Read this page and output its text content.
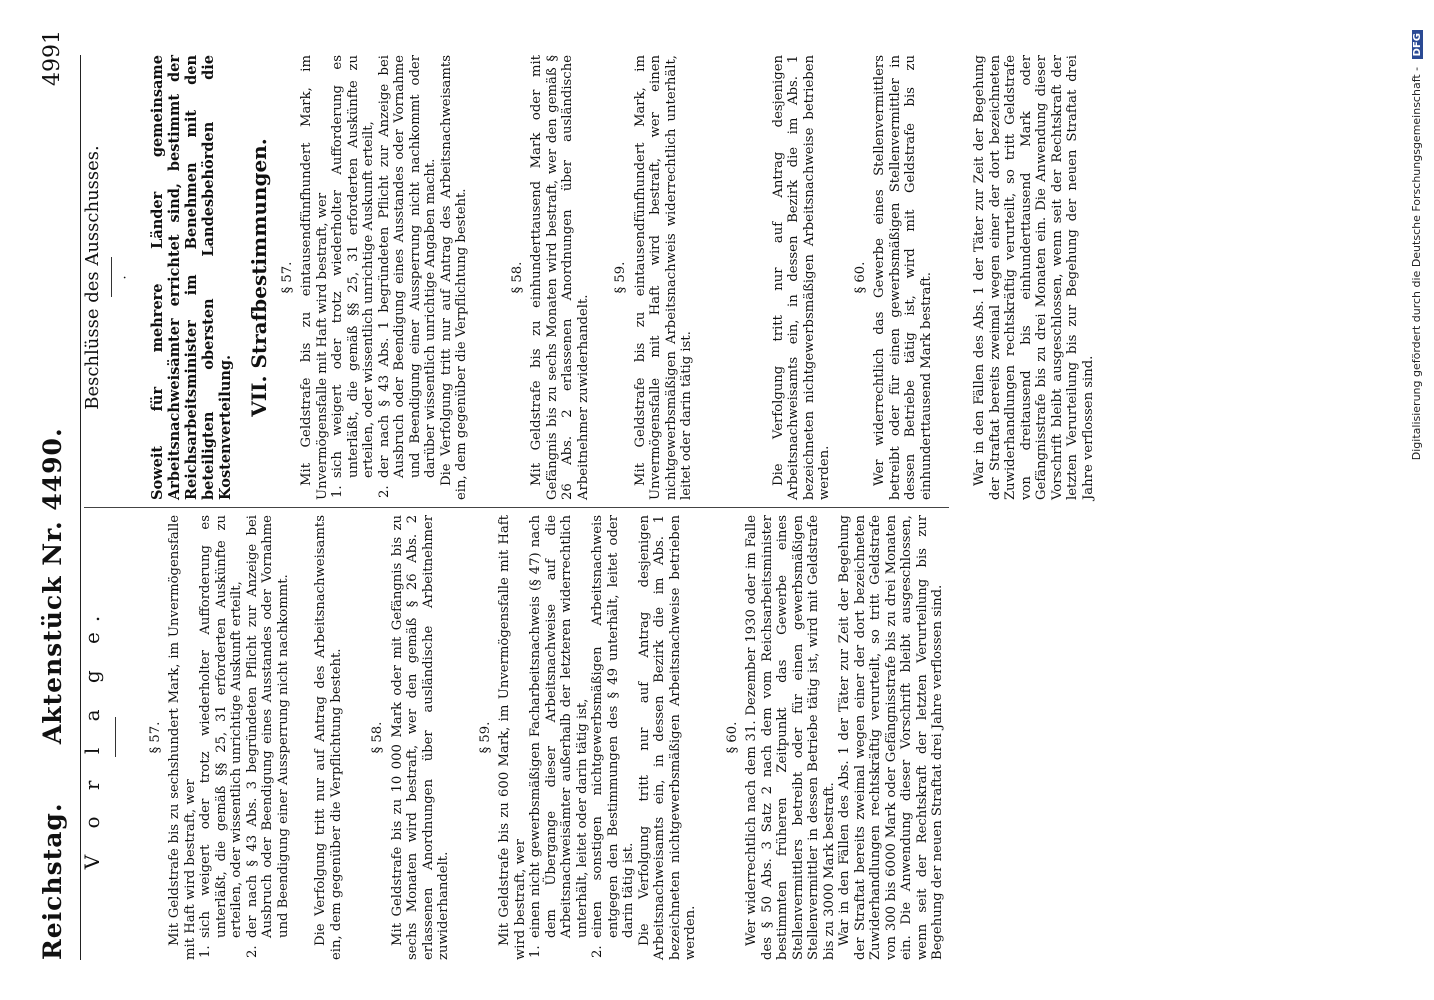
Reichstag.      Aktenstück Nr. 4490.
4991
V o r l a g e.	§ 57. Mit Geldstrafe bis zu sechshundert Mark, im Unvermögensfalle mit Haft wird bestraft, wer 1.
sich weigert oder trotz wiederholter Aufforderung es unterläßt, die gemäß §§ 25, 31 erforderten Auskünfte zu erteilen, oder wissentlich unrichtige Auskunft erteilt,
2.
der nach § 43 Abs. 3 begründeten Pflicht zur Anzeige bei Ausbruch oder Beendigung eines Ausstandes oder Vornahme und Beendigung einer Aussperrung nicht nachkommt. Die Verfolgung tritt nur auf Antrag des Arbeitsnachweisamts ein, dem gegenüber die Verpflichtung besteht. § 58. Mit Geldstrafe bis zu 10 000 Mark oder mit Gefängnis bis zu sechs Monaten wird bestraft, wer den gemäß § 26 Abs. 2 erlassenen Anordnungen über ausländische Arbeitnehmer zuwiderhandelt.

§ 59. Mit Geldstrafe bis zu 600 Mark, im Unvermögensfalle mit Haft wird bestraft, wer 1.
einen nicht gewerbsmäßigen Facharbeitsnachweis (§ 47) nach dem Übergange dieser Arbeitsnachweise auf die Arbeitsnachweisämter außerhalb der letzteren widerrechtlich unterhält, leitet oder darin tätig ist,
2.
einen sonstigen nichtgewerbsmäßigen Arbeitsnachweis entgegen den Bestimmungen des § 49 unterhält, leitet oder darin tätig ist. Die Verfolgung tritt nur auf Antrag desjenigen Arbeitsnachweisamts ein, in dessen Bezirk die im Abs. 1 bezeichneten nichtgewerbsmäßigen Arbeitsnachweise betrieben werden.

§ 60. Wer widerrechtlich nach dem 31. Dezember 1930 oder im Falle des § 50 Abs. 3 Satz 2 nach dem vom Reichsarbeitsminister bestimmten früheren Zeitpunkt das Gewerbe eines Stellenvermittlers betreibt oder für einen gewerbsmäßigen Stellenvermittler in dessen Betriebe tätig ist, wird mit Geldstrafe bis zu 3000 Mark bestraft. War in den Fällen des Abs. 1 der Täter zur Zeit der Begehung der Straftat bereits zweimal wegen einer der dort bezeichneten Zuwiderhandlungen rechtskräftig verurteilt, so tritt Geldstrafe von 300 bis 6000 Mark oder Gefängnisstrafe bis zu drei Monaten ein. Die Anwendung dieser Vorschrift bleibt ausgeschlossen, wenn seit der Rechtskraft der letzten Verurteilung bis zur Begehung der neuen Straftat drei Jahre verflossen sind.

Beschlüsse des Ausschusses. · Soweit für mehrere Länder gemeinsame Arbeitsnachweisämter errichtet sind, bestimmt der Reichsarbeitsminister im Benehmen mit den beteiligten obersten Landesbehörden die Kostenverteilung.

VII. Strafbestimmungen. § 57. Mit Geldstrafe bis zu eintausendfünfhundert Mark, im Unvermögensfalle mit Haft wird bestraft, wer 1.
sich weigert oder trotz wiederholter Aufforderung es unterläßt, die gemäß §§ 25, 31 erforderten Auskünfte zu erteilen, oder wissentlich unrichtige Auskunft erteilt,
2.
der nach § 43 Abs. 1 begründeten Pflicht zur Anzeige bei Ausbruch oder Beendigung eines Ausstandes oder Vornahme und Beendigung einer Aussperrung nicht nachkommt oder darüber wissentlich unrichtige Angaben macht. Die Verfolgung tritt nur auf Antrag des Arbeitsnachweisamts ein, dem gegenüber die Verpflichtung besteht.	§ 58. Mit Geldstrafe bis zu einhunderttausend Mark oder mit Gefängnis bis zu sechs Monaten wird bestraft, wer den gemäß § 26 Abs. 2 erlassenen Anordnungen über ausländische Arbeitnehmer zuwiderhandelt.

§ 59. Mit Geldstrafe bis zu eintausendfünfhundert Mark, im Unvermögensfalle mit Haft wird bestraft, wer einen nichtgewerbsmäßigen Arbeitsnachweis widerrechtlich unterhält, leitet oder darin tätig ist.	Die Verfolgung tritt nur auf Antrag desjenigen Arbeitsnachweisamts ein, in dessen Bezirk die im Abs. 1 bezeichneten nichtgewerbsmäßigen Arbeitsnachweise betrieben werden.

§ 60. Wer widerrechtlich das Gewerbe eines Stellenvermittlers betreibt oder für einen gewerbsmäßigen Stellenvermittler in dessen Betriebe tätig ist, wird mit Geldstrafe bis zu einhunderttausend Mark bestraft.	War in den Fällen des Abs. 1 der Täter zur Zeit der Begehung der Straftat bereits zweimal wegen einer der dort bezeichneten Zuwiderhandlungen rechtskräftig verurteilt, so tritt Geldstrafe von dreitausend bis einhunderttausend Mark oder Gefängnisstrafe bis zu drei Monaten ein. Die Anwendung dieser Vorschrift bleibt ausgeschlossen, wenn seit der Rechtskraft der letzten Verurteilung bis zur Begehung der neuen Straftat drei Jahre verflossen sind.	Digitalisierung gefördert durch die Deutsche Forschungsgemeinschaft - DFG
